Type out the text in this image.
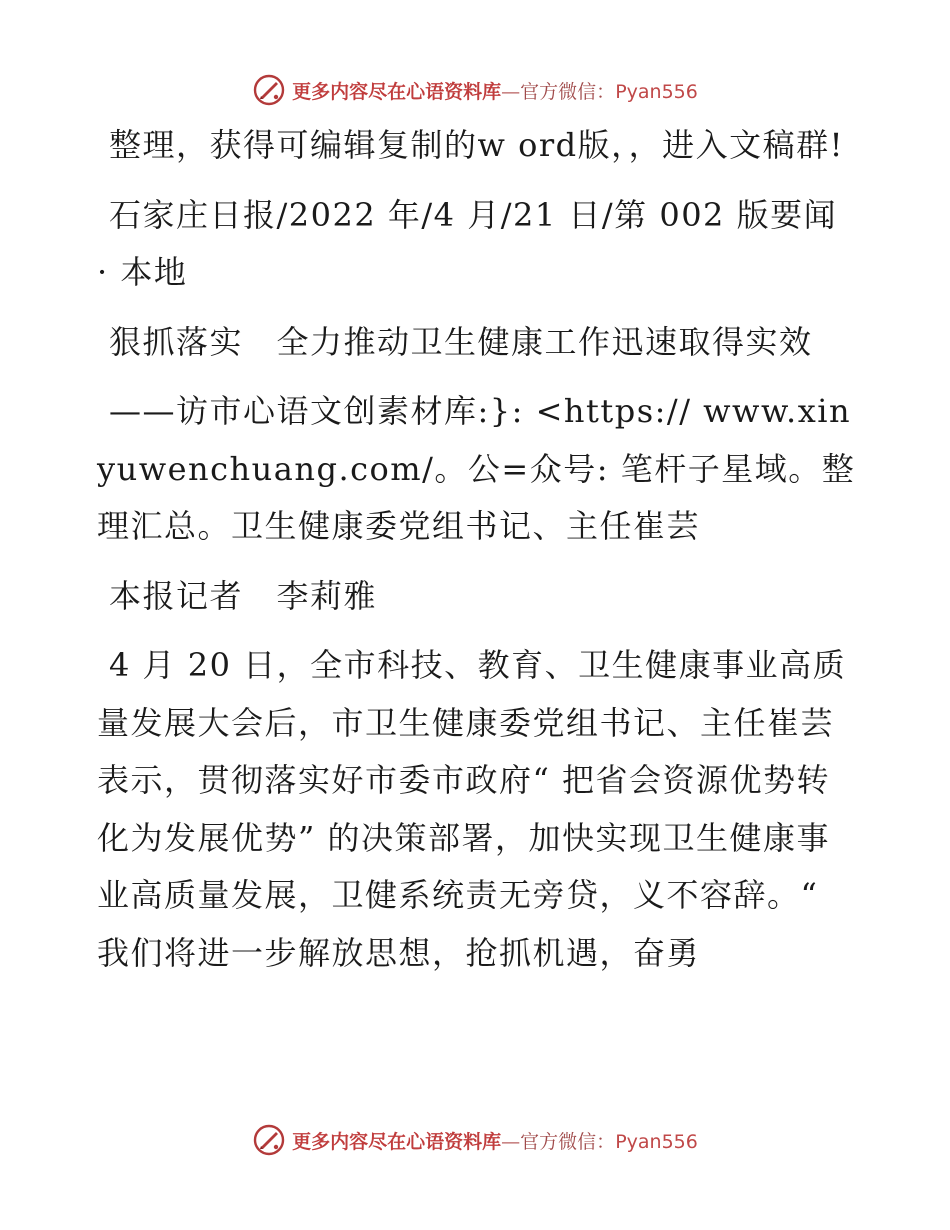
更多内容尽在心语资料库—官方微信：Pyan556

整理，获得可编辑复制的w ord版，，进入文稿群!

石家庄日报/2022 年/4 月/21 日/第 002 版要闻 · 本地

狠抓落实　全力推动卫生健康工作迅速取得实效

——访市心语文创素材库:}: <https:// www.xinyuwenchuang.com/。公=众号: 笔杆子星域。整理汇总。卫生健康委党组书记、主任崔芸

本报记者　李莉雅

4 月 20 日，全市科技、教育、卫生健康事业高质量发展大会后，市卫生健康委党组书记、主任崔芸表示，贯彻落实好市委市政府“ 把省会资源优势转化为发展优势” 的决策部署，加快实现卫生健康事业高质量发展，卫健系统责无旁贷，义不容辞。“ 我们将进一步解放思想，抢抓机遇，奋勇

更多内容尽在心语资料库—官方微信：Pyan556
